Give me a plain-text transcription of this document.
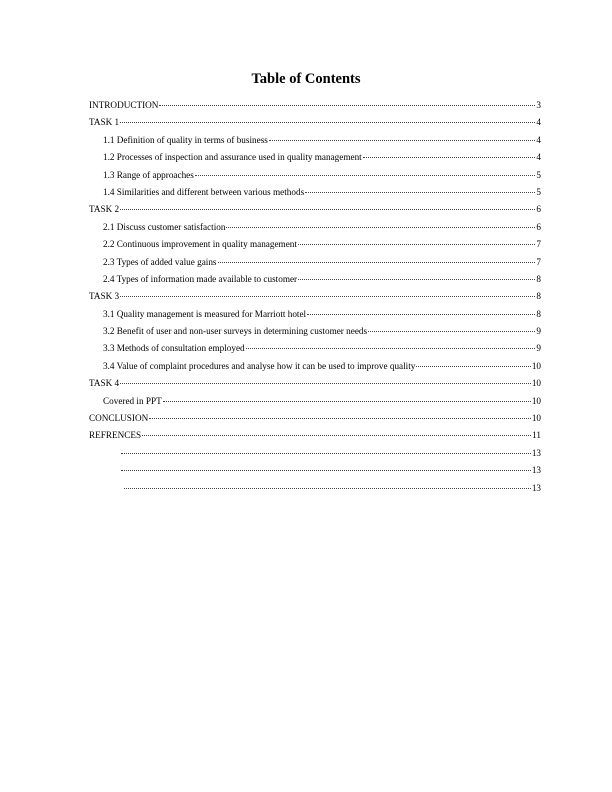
Table of Contents
INTRODUCTION	3
TASK 1	4
1.1 Definition of quality in terms of business	4
1.2 Processes of inspection and assurance used in quality management	4
1.3 Range of approaches	5
1.4 Similarities and different between various methods	5
TASK 2	6
2.1 Discuss customer satisfaction	6
2.2 Continuous improvement in quality management	7
2.3 Types of added value gains	7
2.4 Types of information made available to customer	8
TASK 3	8
3.1 Quality management is measured for Marriott hotel	8
3.2 Benefit of user and non-user surveys in determining customer needs	9
3.3 Methods of consultation employed	9
3.4 Value of complaint procedures and analyse how it can be used to improve quality	10
TASK 4	10
Covered in PPT	10
CONCLUSION	10
REFRENCES	11
13
13
13
